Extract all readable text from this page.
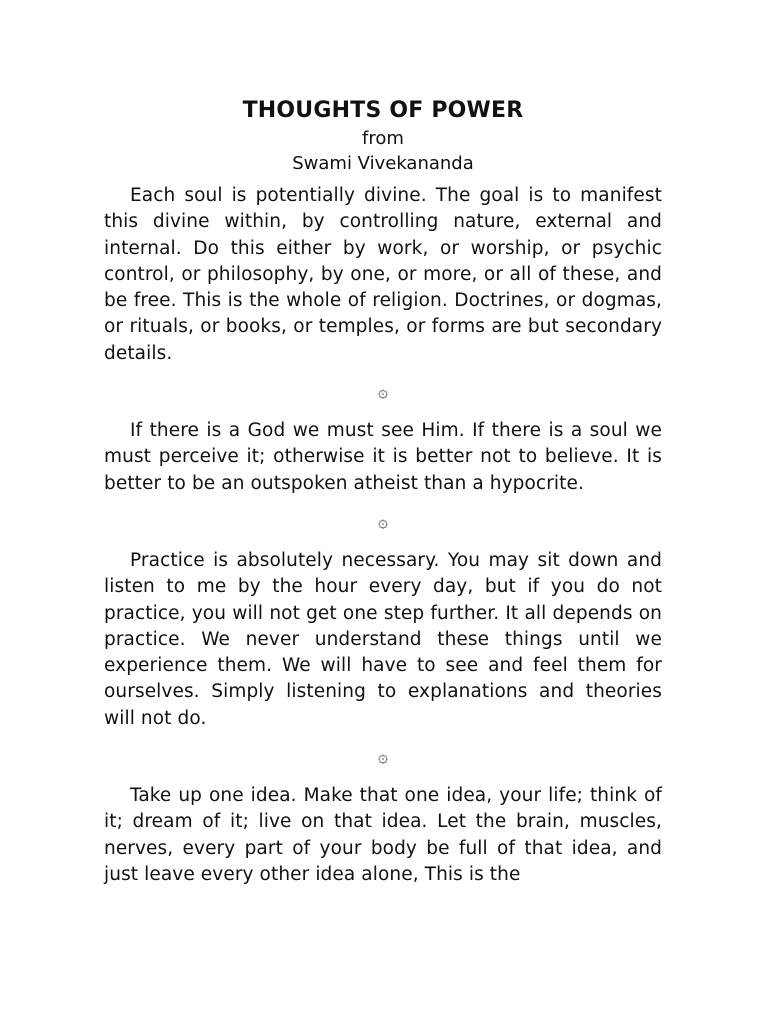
THOUGHTS OF POWER

from

Swami Vivekananda

Each soul is potentially divine. The goal is to manifest this divine within, by controlling nature, external and internal. Do this either by work, or worship, or psychic control, or philosophy, by one, or more, or all of these, and be free. This is the whole of religion. Doctrines, or dogmas, or rituals, or books, or temples, or forms are but secondary details.

۞

If there is a God we must see Him. If there is a soul we must perceive it; otherwise it is better not to believe. It is better to be an outspoken atheist than a hypocrite.

۞

Practice is absolutely necessary. You may sit down and listen to me by the hour every day, but if you do not practice, you will not get one step further. It all depends on practice. We never understand these things until we experience them. We will have to see and feel them for ourselves. Simply listening to explanations and theories will not do.

۞

Take up one idea. Make that one idea, your life; think of it; dream of it; live on that idea. Let the brain, muscles, nerves, every part of your body be full of that idea, and just leave every other idea alone, This is the
